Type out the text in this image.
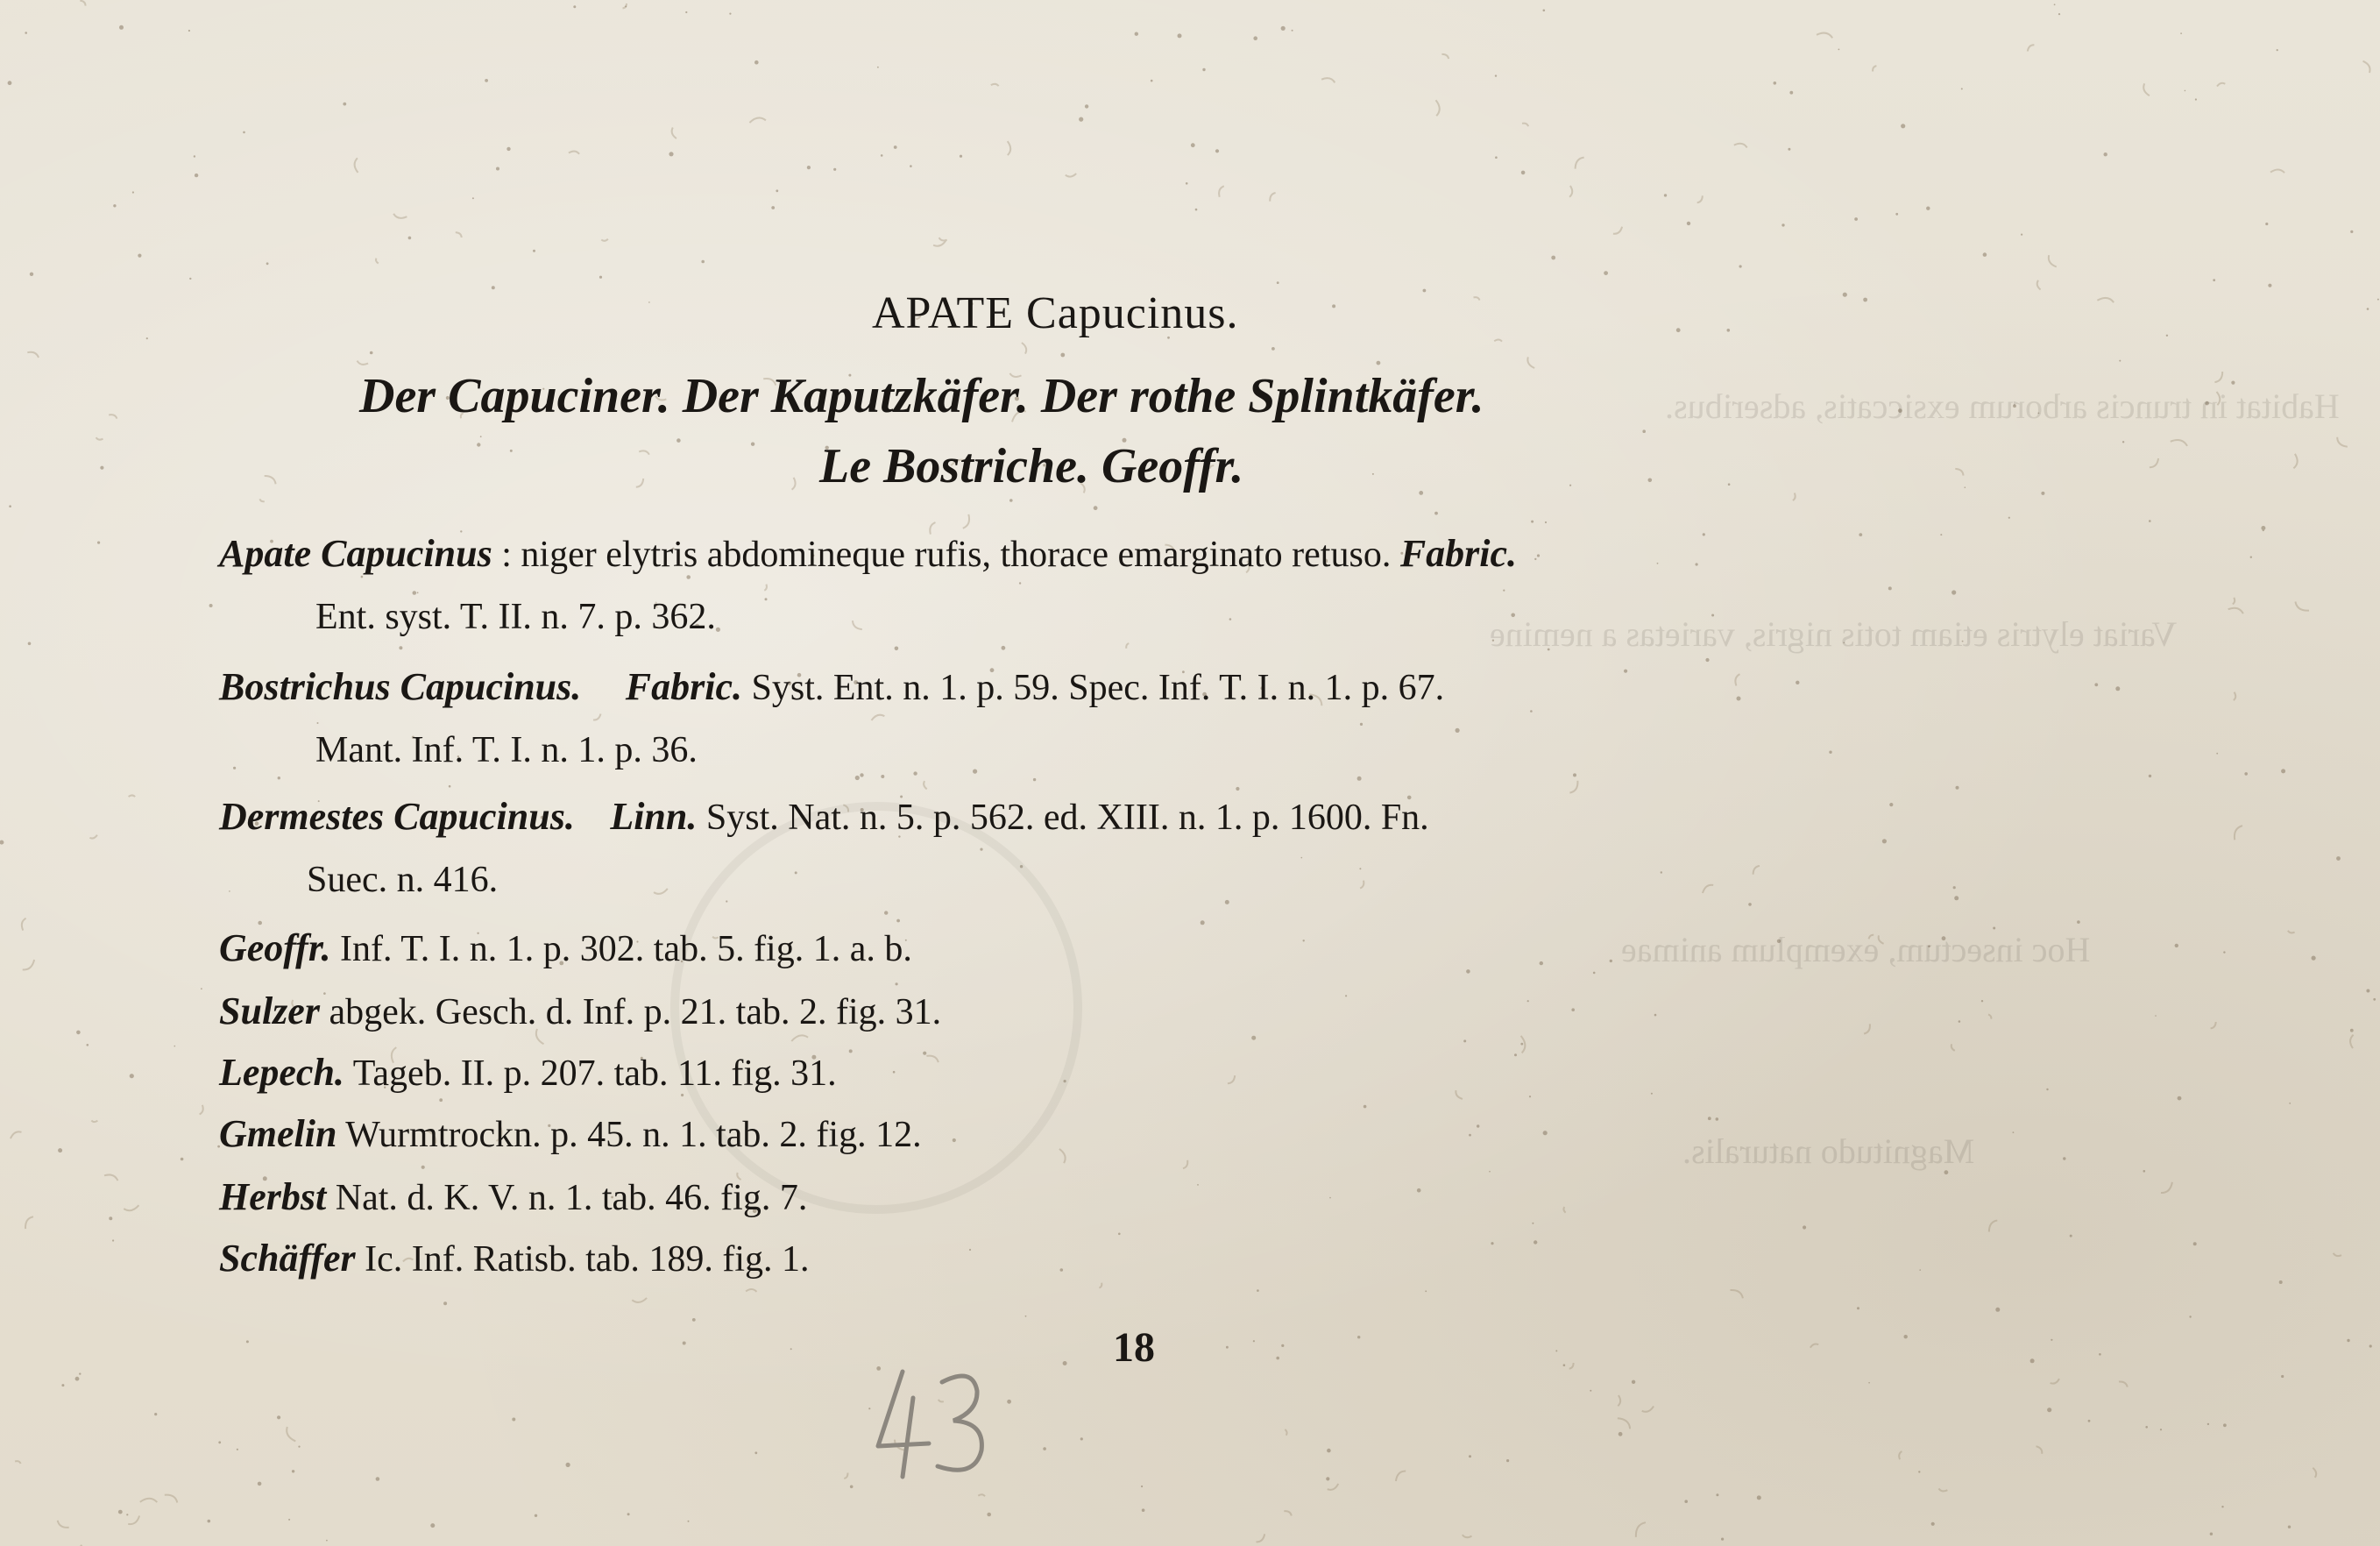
Habitat in truncis arborum exsiccatis, adseribus.
Variat elytris etiam totis nigris, varietas a nemine
Hoc insectum, exemplum animae
Magnitudo naturalis.
APATE Capucinus.
Der Capuciner. Der Kaputzkäfer. Der rothe Splintkäfer.
Le Bostriche. Geoffr.
Apate Capucinus : niger elytris abdomineque rufis, thorace emarginato retuso. Fabric.
Ent. syst. T. II. n. 7. p. 362.
Bostrichus Capucinus. Fabric. Syst. Ent. n. 1. p. 59. Spec. Inf. T. I. n. 1. p. 67.
Mant. Inf. T. I. n. 1. p. 36.
Dermestes Capucinus. Linn. Syst. Nat. n. 5. p. 562. ed. XIII. n. 1. p. 1600. Fn.
Suec. n. 416.
Geoffr. Inf. T. I. n. 1. p. 302. tab. 5. fig. 1. a. b.
Sulzer abgek. Gesch. d. Inf. p. 21. tab. 2. fig. 31.
Lepech. Tageb. II. p. 207. tab. 11. fig. 31.
Gmelin Wurmtrockn. p. 45. n. 1. tab. 2. fig. 12.
Herbst Nat. d. K. V. n. 1. tab. 46. fig. 7.
Schäffer Ic. Inf. Ratisb. tab. 189. fig. 1.
18
